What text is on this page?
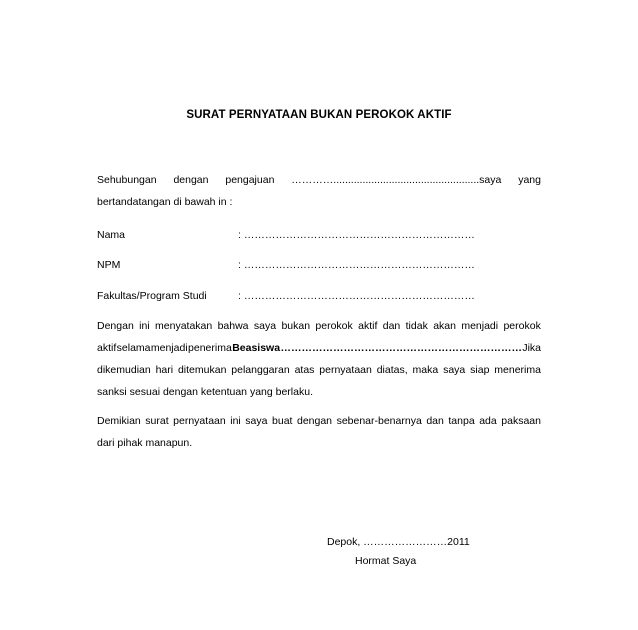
SURAT PERNYATAAN BUKAN PEROKOK AKTIF
Sehubungan dengan pengajuan …………..................................................saya yang
bertandatangan di bawah in :
Nama	: …………………………………………………………
NPM	: …………………………………………………………
Fakultas/Program Studi	: …………………………………………………………
Dengan ini menyatakan bahwa saya bukan perokok aktif dan tidak akan menjadi perokok
aktif selama menjadi penerima Beasiswa …………………………………………………………… Jika
dikemudian hari ditemukan pelanggaran atas pernyataan diatas, maka saya siap menerima
sanksi sesuai dengan ketentuan yang berlaku.
Demikian surat pernyataan ini saya buat dengan sebenar-benarnya dan tanpa ada paksaan
dari pihak manapun.
Depok, ……………………2011
Hormat Saya
